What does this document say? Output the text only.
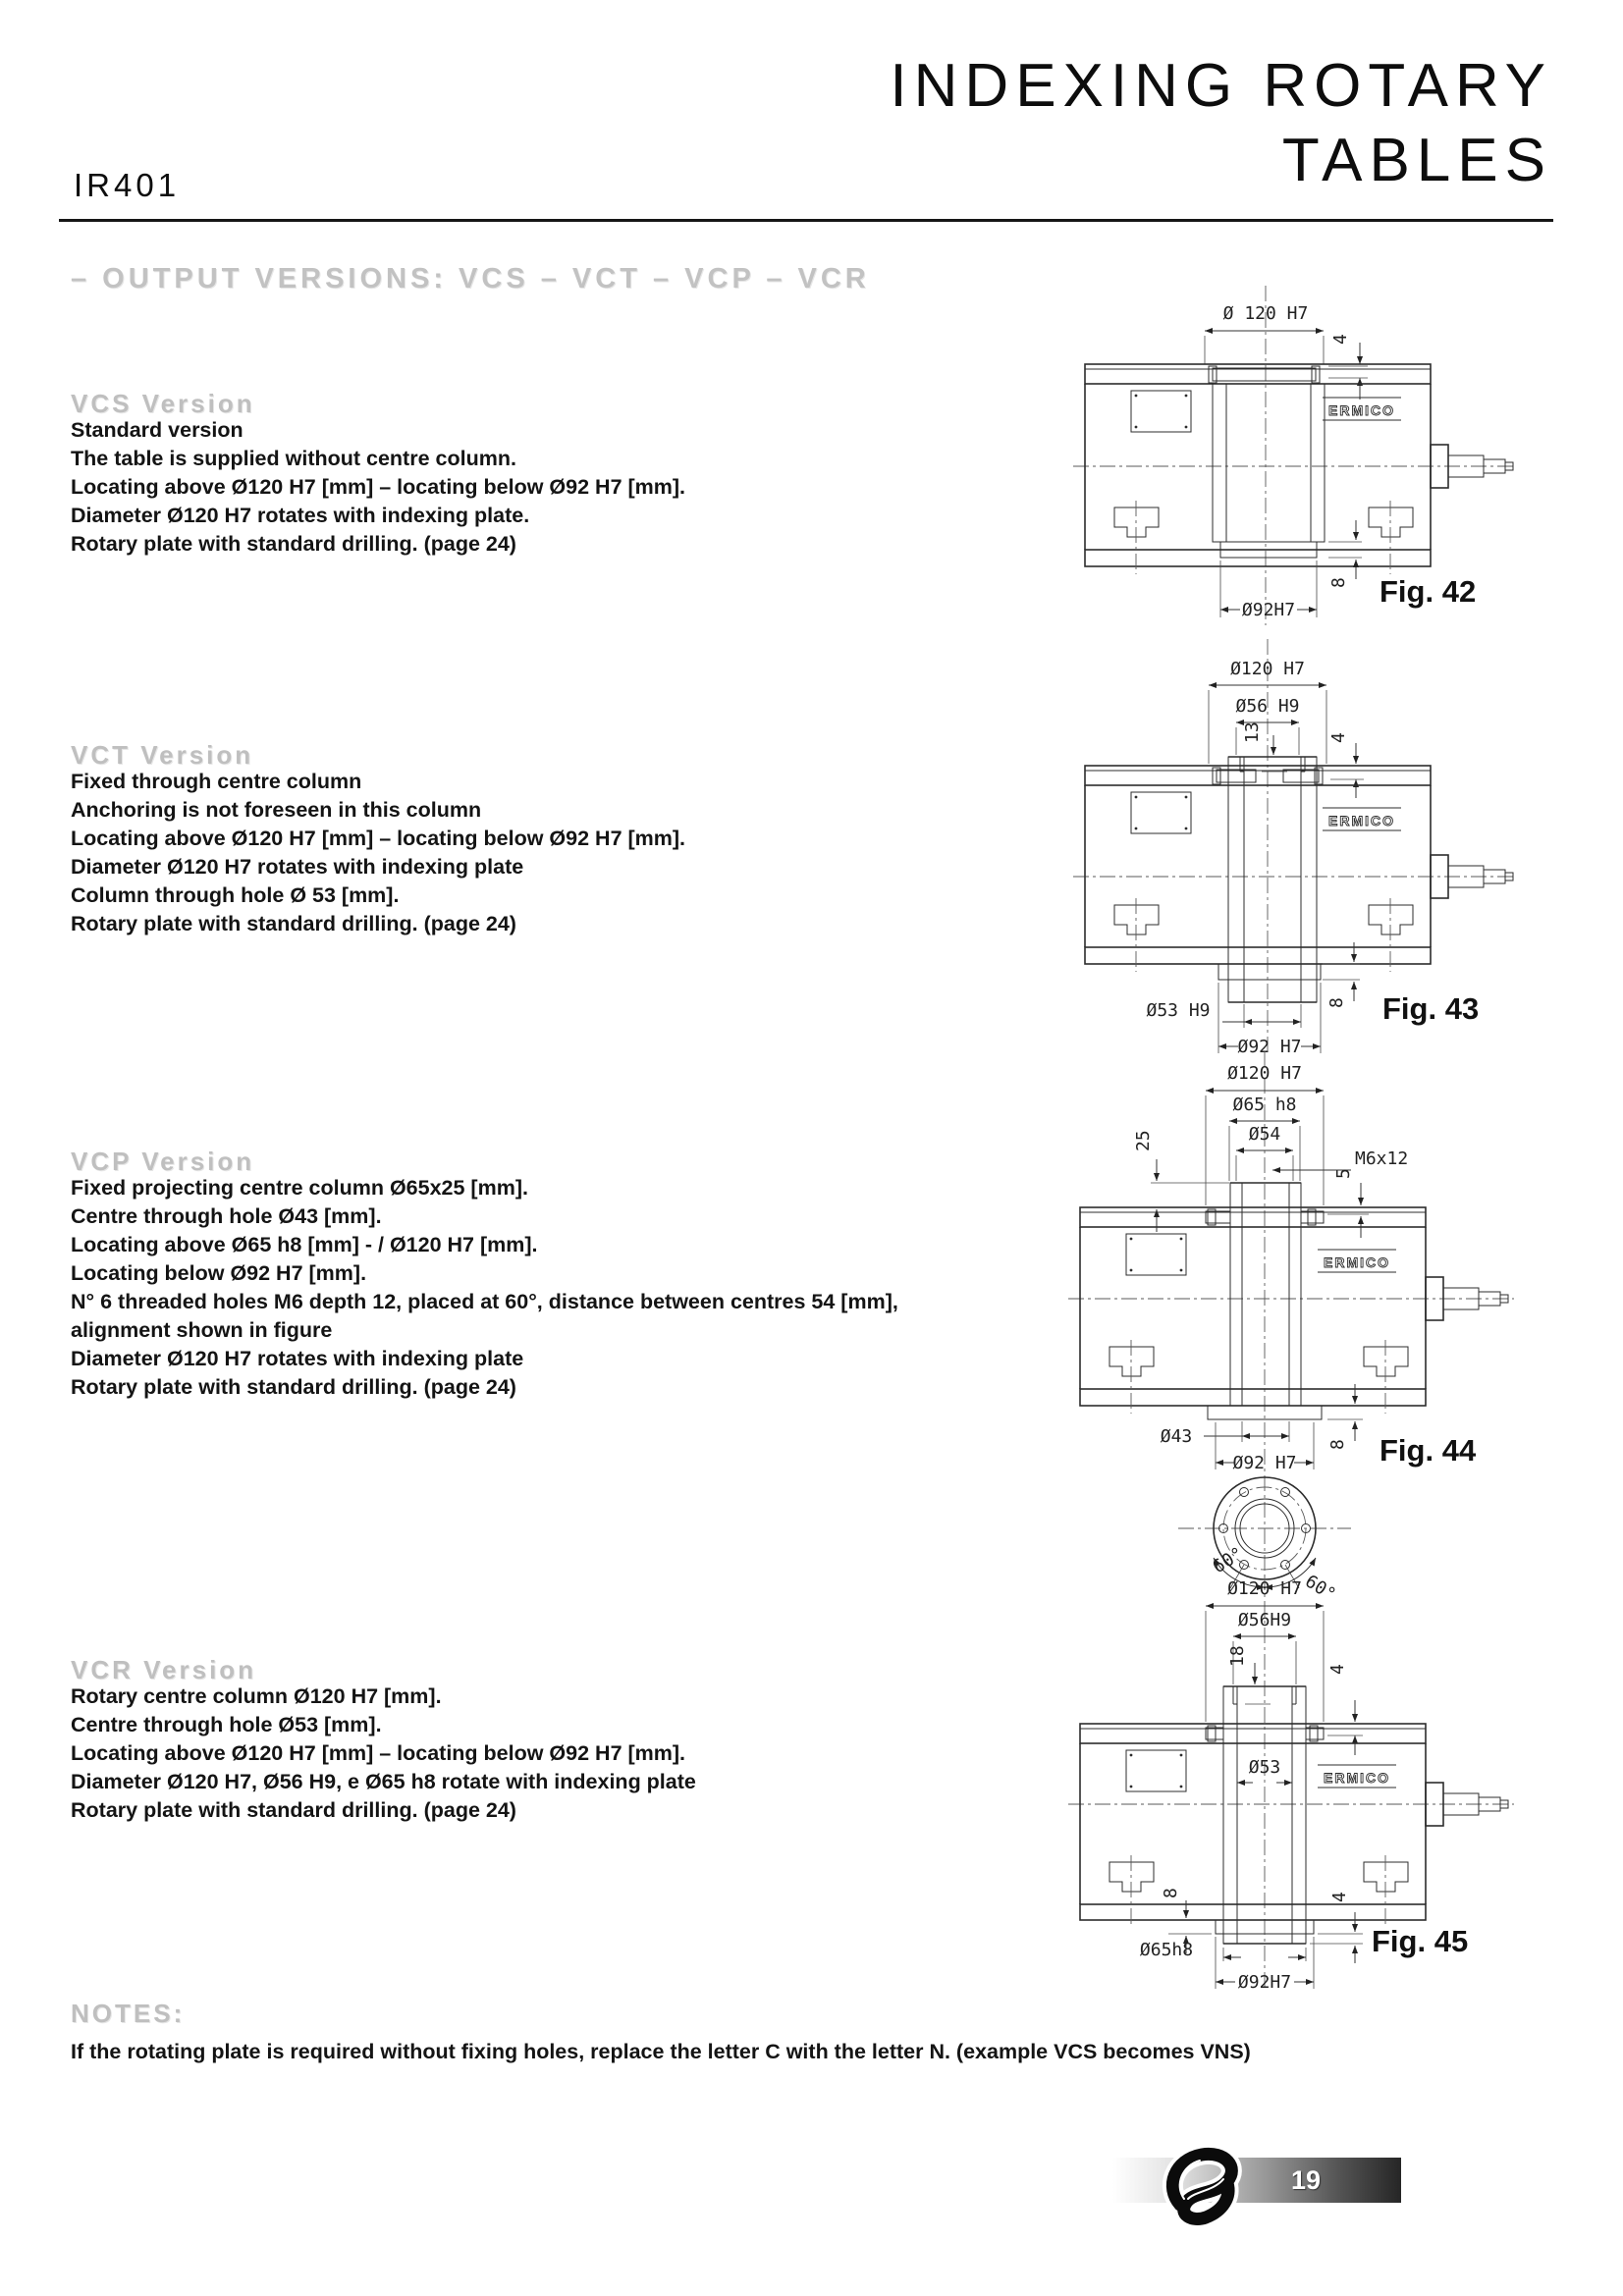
INDEXING ROTARY
TABLES
IR401
– OUTPUT VERSIONS: VCS – VCT – VCP – VCR
VCS Version
Standard version
The table is supplied without centre column.
Locating above Ø120 H7 [mm] – locating below Ø92 H7 [mm].
Diameter Ø120 H7 rotates with indexing plate.
Rotary plate with standard drilling. (page 24)
VCT Version
Fixed through centre column
Anchoring is not foreseen in this column
Locating above Ø120 H7 [mm] – locating below Ø92 H7 [mm].
Diameter Ø120 H7 rotates with indexing plate
Column through hole Ø 53 [mm].
Rotary plate with standard drilling. (page 24)
VCP Version
Fixed projecting centre column Ø65x25 [mm].
Centre through hole Ø43 [mm].
Locating above Ø65 h8 [mm] - / Ø120 H7 [mm].
Locating below Ø92 H7 [mm].
N° 6 threaded holes M6 depth 12, placed at 60°, distance between centres 54 [mm],
alignment shown in figure
Diameter Ø120 H7 rotates with indexing plate
Rotary plate with standard drilling. (page 24)
VCR Version
Rotary centre column Ø120 H7 [mm].
Centre through hole Ø53 [mm].
Locating above Ø120 H7 [mm] – locating below Ø92 H7 [mm].
Diameter Ø120 H7, Ø56 H9, e Ø65 h8 rotate with indexing plate
Rotary plate with standard drilling. (page 24)
NOTES:
If the rotating plate is required without fixing holes, replace the letter C with the letter N. (example VCS becomes VNS)
Ø 120 H7
4
ERMICO
Ø92H7
8 Fig. 42
Ø120 H7
Ø56 H9
13	4
ERMICO
8
Ø53 H9
Ø92 H7
Fig. 43
Ø120 H7
Ø65 h8
Ø54
M6x12
25
5
ERMICO
Ø43	8
Ø92 H7
60°
60°
Fig. 44
Ø120 H7
Ø56H9
18
4
Ø53	ERMICO
8	4
Ø65h8
Ø92H7
Fig. 45
19
